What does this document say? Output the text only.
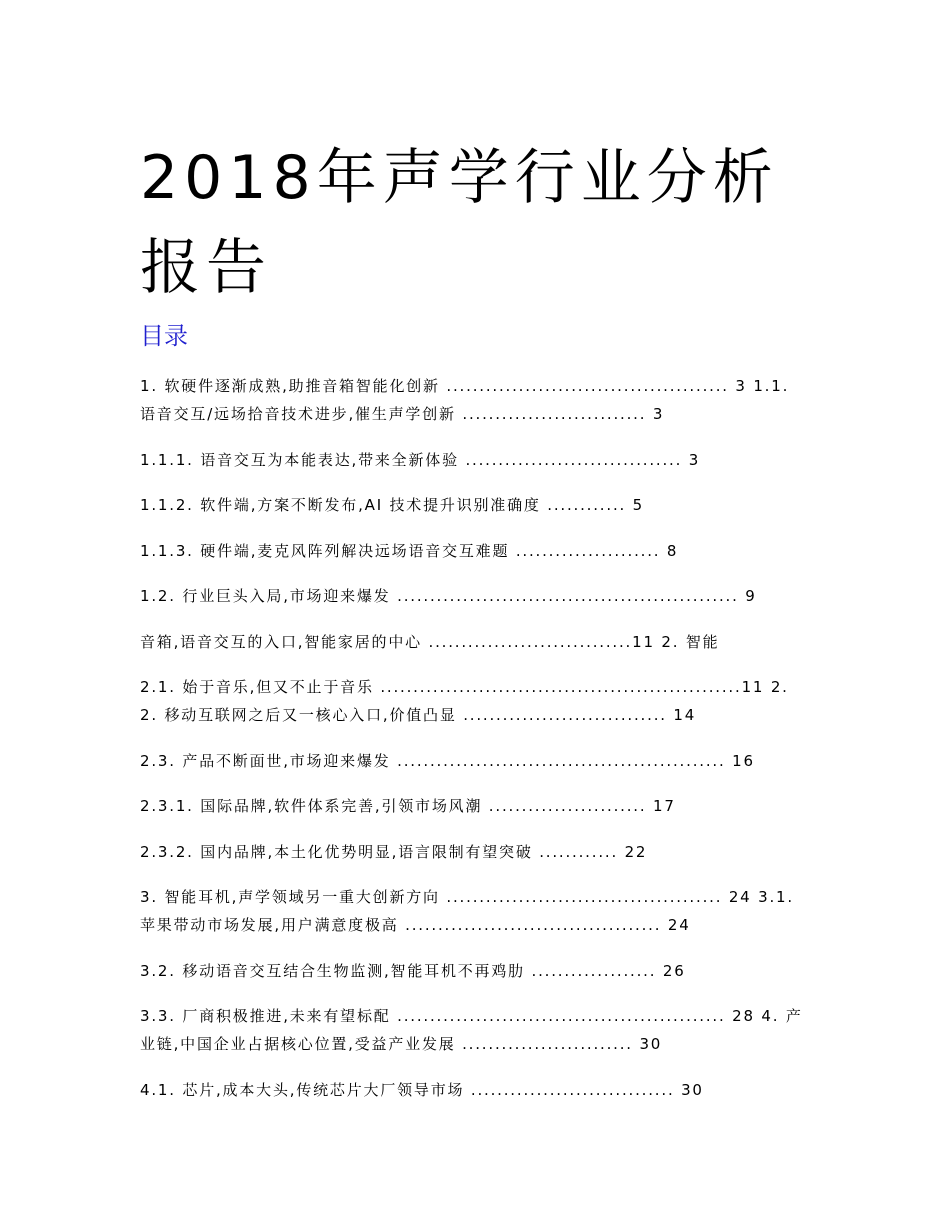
2018年声学行业分析报告
目录
1. 软硬件逐渐成熟,助推音箱智能化创新 ........................................... 3 1.1. 语音交互/远场拾音技术进步,催生声学创新 ............................ 3
1.1.1. 语音交互为本能表达,带来全新体验 ................................. 3
1.1.2. 软件端,方案不断发布,AI 技术提升识别准确度 ............ 5
1.1.3. 硬件端,麦克风阵列解决远场语音交互难题 ...................... 8
1.2. 行业巨头入局,市场迎来爆发 .................................................... 9
音箱,语音交互的入口,智能家居的中心 ...............................11 2. 智能
2.1. 始于音乐,但又不止于音乐 .......................................................11 2.2. 移动互联网之后又一核心入口,价值凸显 ............................... 14
2.3. 产品不断面世,市场迎来爆发 .................................................. 16
2.3.1. 国际品牌,软件体系完善,引领市场风潮 ........................ 17
2.3.2. 国内品牌,本土化优势明显,语言限制有望突破 ............ 22
3. 智能耳机,声学领域另一重大创新方向 .......................................... 24 3.1. 苹果带动市场发展,用户满意度极高 ....................................... 24
3.2. 移动语音交互结合生物监测,智能耳机不再鸡肋 ................... 26
3.3. 厂商积极推进,未来有望标配 .................................................. 28 4. 产业链,中国企业占据核心位置,受益产业发展 .......................... 30
4.1. 芯片,成本大头,传统芯片大厂领导市场 ............................... 30
